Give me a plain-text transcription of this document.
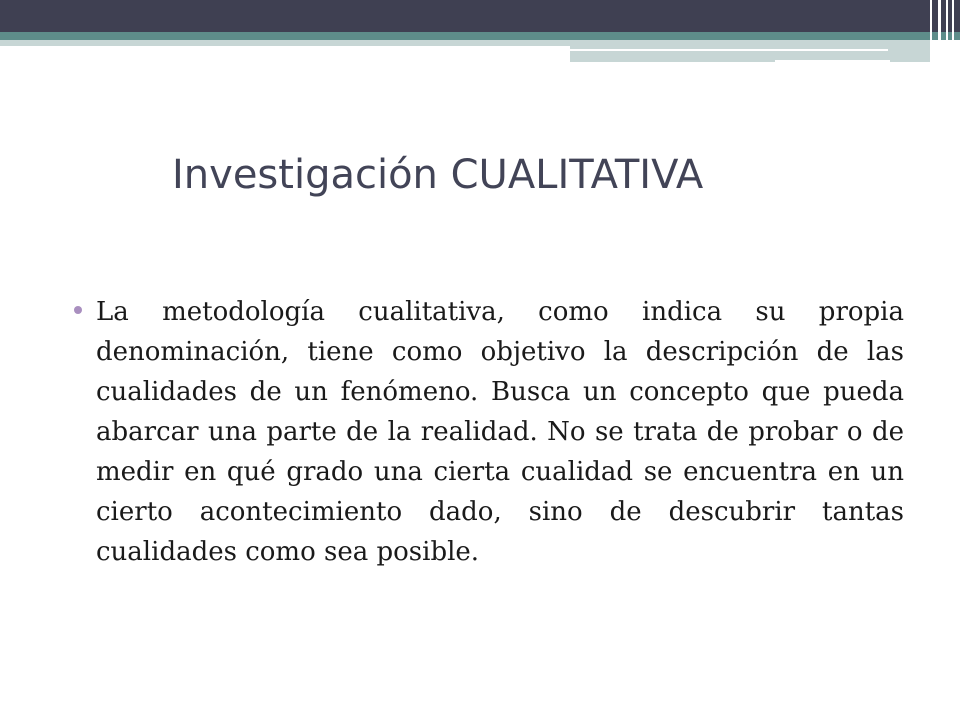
Investigación CUALITATIVA

La metodología cualitativa, como indica su propia denominación, tiene como objetivo la descripción de las cualidades de un fenómeno. Busca un concepto que pueda abarcar una parte de la realidad. No se trata de probar o de medir en qué grado una cierta cualidad se encuentra en un cierto acontecimiento dado, sino de descubrir tantas cualidades como sea posible.
